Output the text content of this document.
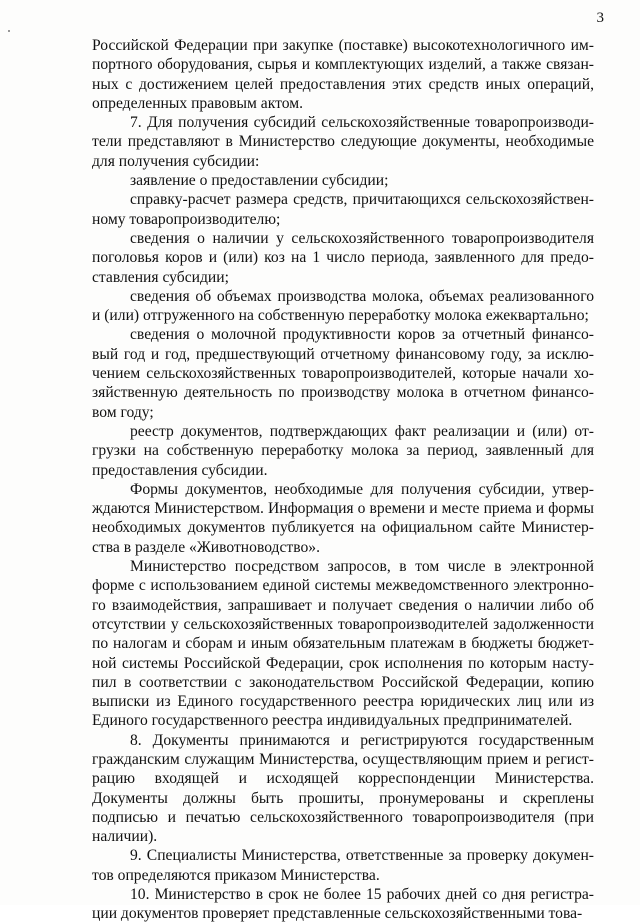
3

Российской Федерации при закупке (поставке) высокотехнологичного импортного оборудования, сырья и комплектующих изделий, а также связанных с достижением целей предоставления этих средств иных операций, определенных правовым актом.

7. Для получения субсидий сельскохозяйственные товаропроизводители представляют в Министерство следующие документы, необходимые для получения субсидии:

заявление о предоставлении субсидии;

справку-расчет размера средств, причитающихся сельскохозяйственному товаропроизводителю;

сведения о наличии у сельскохозяйственного товаропроизводителя поголовья коров и (или) коз на 1 число периода, заявленного для предоставления субсидии;

сведения об объемах производства молока, объемах реализованного и (или) отгруженного на собственную переработку молока ежеквартально;

сведения о молочной продуктивности коров за отчетный финансовый год и год, предшествующий отчетному финансовому году, за исключением сельскохозяйственных товаропроизводителей, которые начали хозяйственную деятельность по производству молока в отчетном финансовом году;

реестр документов, подтверждающих факт реализации и (или) отгрузки на собственную переработку молока за период, заявленный для предоставления субсидии.

Формы документов, необходимые для получения субсидии, утверждаются Министерством. Информация о времени и месте приема и формы необходимых документов публикуется на официальном сайте Министерства в разделе «Животноводство».

Министерство посредством запросов, в том числе в электронной форме с использованием единой системы межведомственного электронного взаимодействия, запрашивает и получает сведения о наличии либо об отсутствии у сельскохозяйственных товаропроизводителей задолженности по налогам и сборам и иным обязательным платежам в бюджеты бюджетной системы Российской Федерации, срок исполнения по которым наступил в соответствии с законодательством Российской Федерации, копию выписки из Единого государственного реестра юридических лиц или из Единого государственного реестра индивидуальных предпринимателей.

8. Документы принимаются и регистрируются государственным гражданским служащим Министерства, осуществляющим прием и регистрацию входящей и исходящей корреспонденции Министерства. Документы должны быть прошиты, пронумерованы и скреплены подписью и печатью сельскохозяйственного товаропроизводителя (при наличии).

9. Специалисты Министерства, ответственные за проверку документов определяются приказом Министерства.

10. Министерство в срок не более 15 рабочих дней со дня регистрации документов проверяет представленные сельскохозяйственными това-
